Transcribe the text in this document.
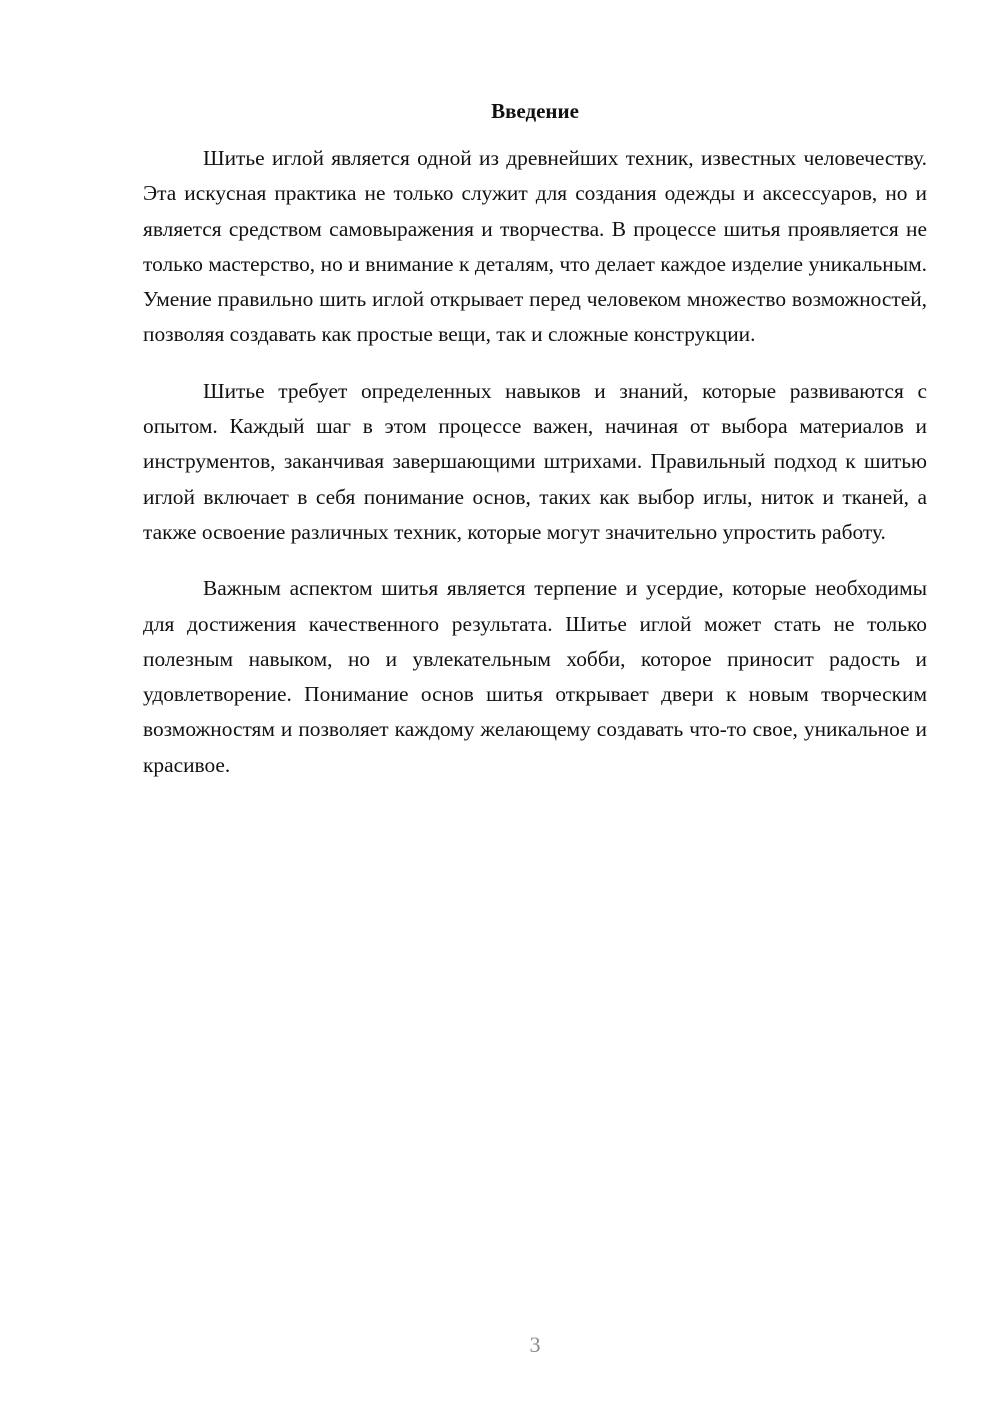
Введение

Шитье иглой является одной из древнейших техник, известных человечеству. Эта искусная практика не только служит для создания одежды и аксессуаров, но и является средством самовыражения и творчества. В процессе шитья проявляется не только мастерство, но и внимание к деталям, что делает каждое изделие уникальным. Умение правильно шить иглой открывает перед человеком множество возможностей, позволяя создавать как простые вещи, так и сложные конструкции.

Шитье требует определенных навыков и знаний, которые развиваются с опытом. Каждый шаг в этом процессе важен, начиная от выбора материалов и инструментов, заканчивая завершающими штрихами. Правильный подход к шитью иглой включает в себя понимание основ, таких как выбор иглы, ниток и тканей, а также освоение различных техник, которые могут значительно упростить работу.

Важным аспектом шитья является терпение и усердие, которые необходимы для достижения качественного результата. Шитье иглой может стать не только полезным навыком, но и увлекательным хобби, которое приносит радость и удовлетворение. Понимание основ шитья открывает двери к новым творческим возможностям и позволяет каждому желающему создавать что-то свое, уникальное и красивое.

3
